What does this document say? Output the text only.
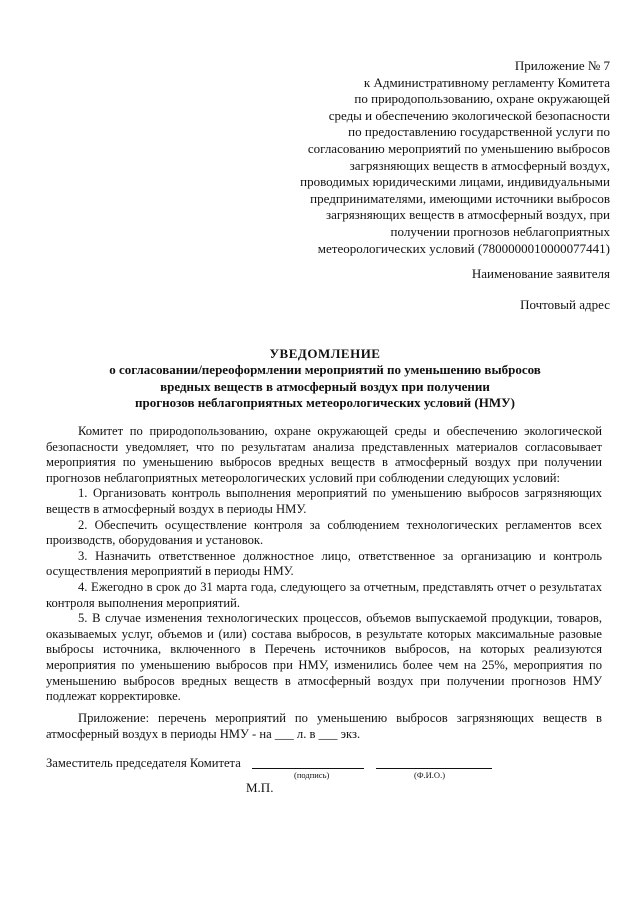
Приложение № 7
к Административному регламенту Комитета
по природопользованию, охране окружающей
среды и обеспечению экологической безопасности
по предоставлению государственной услуги по
согласованию мероприятий по уменьшению выбросов
загрязняющих веществ в атмосферный воздух,
проводимых юридическими лицами, индивидуальными
предпринимателями, имеющими источники выбросов
загрязняющих веществ в атмосферный воздух, при
получении прогнозов неблагоприятных
метеорологических условий (7800000010000077441)
Наименование заявителя
Почтовый адрес
УВЕДОМЛЕНИЕ
о согласовании/переоформлении мероприятий по уменьшению выбросов
вредных веществ в атмосферный воздух при получении
прогнозов неблагоприятных метеорологических условий (НМУ)

Комитет по природопользованию, охране окружающей среды и обеспечению экологической безопасности уведомляет, что по результатам анализа представленных материалов согласовывает мероприятия по уменьшению выбросов вредных веществ в атмосферный воздух при получении прогнозов неблагоприятных метеорологических условий при соблюдении следующих условий:

1. Организовать контроль выполнения мероприятий по уменьшению выбросов загрязняющих веществ в атмосферный воздух в периоды НМУ.

2. Обеспечить осуществление контроля за соблюдением технологических регламентов всех производств, оборудования и установок.

3. Назначить ответственное должностное лицо, ответственное за организацию и контроль осуществления мероприятий в периоды НМУ.

4. Ежегодно в срок до 31 марта года, следующего за отчетным, представлять отчет о результатах контроля выполнения мероприятий.

5. В случае изменения технологических процессов, объемов выпускаемой продукции, товаров, оказываемых услуг, объемов и (или) состава выбросов, в результате которых максимальные разовые выбросы источника, включенного в Перечень источников выбросов, на которых реализуются мероприятия по уменьшению выбросов при НМУ, изменились более чем на 25%, мероприятия по уменьшению выбросов вредных веществ в атмосферный воздух при получении прогнозов НМУ подлежат корректировке.

Приложение: перечень мероприятий по уменьшению выбросов загрязняющих веществ в атмосферный воздух в периоды НМУ - на ___ л. в ___ экз.

Заместитель председателя Комитета
(подпись)	(Ф.И.О.)
М.П.
